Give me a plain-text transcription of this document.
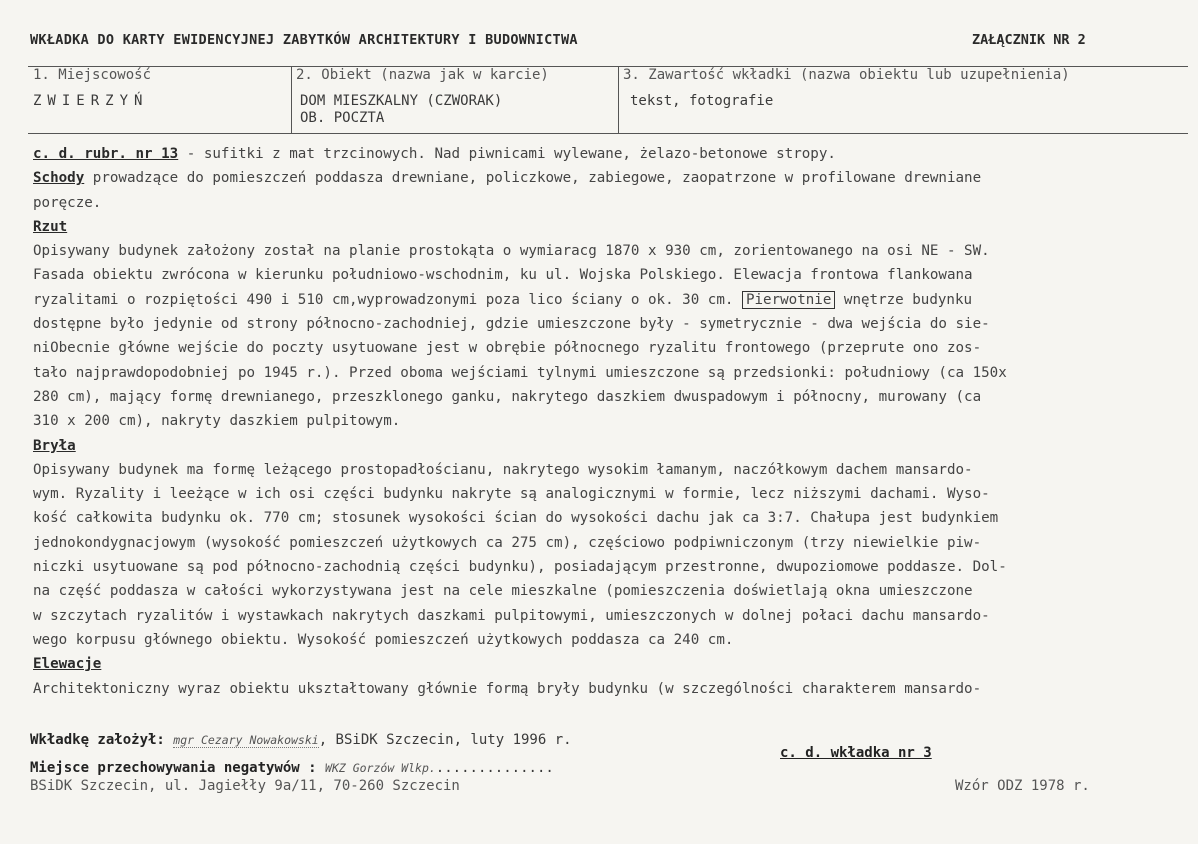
WKŁADKA DO KARTY EWIDENCYJNEJ ZABYTKÓW ARCHITEKTURY I BUDOWNICTWA	ZAŁĄCZNIK NR 2
1. Miejscowość
ZWIERZYŃ
2. Obiekt (nazwa jak w karcie)
DOM MIESZKALNY (CZWORAK)
OB. POCZTA
3. Zawartość wkładki (nazwa obiektu lub uzupełnienia)
tekst, fotografie
c. d. rubr. nr 13 - sufitki z mat trzcinowych. Nad piwnicami wylewane, żelazo-betonowe stropy.
Schody prowadzące do pomieszczeń poddasza drewniane, policzkowe, zabiegowe, zaopatrzone w profilowane drewniane
poręcze.
Rzut
Opisywany budynek założony został na planie prostokąta o wymiaracg 1870 x 930 cm, zorientowanego na osi NE - SW.
Fasada obiektu zwrócona w kierunku południowo-wschodnim, ku ul. Wojska Polskiego. Elewacja frontowa flankowana
ryzalitami o rozpiętości 490 i 510 cm,wyprowadzonymi poza lico ściany o ok. 30 cm. Pierwotnie wnętrze budynku
dostępne było jedynie od strony północno-zachodniej, gdzie umieszczone były - symetrycznie - dwa wejścia do sie-
niObecnie główne wejście do poczty usytuowane jest w obrębie północnego ryzalitu frontowego (przeprute ono zos-
tało najprawdopodobniej po 1945 r.). Przed oboma wejściami tylnymi umieszczone są przedsionki: południowy (ca 150x
280 cm), mający formę drewnianego, przeszklonego ganku, nakrytego daszkiem dwuspadowym i północny, murowany (ca
310 x 200 cm), nakryty daszkiem pulpitowym.
Bryła
Opisywany budynek ma formę leżącego prostopadłościanu, nakrytego wysokim łamanym, naczółkowym dachem mansardo-
wym. Ryzality i leeżące w ich osi części budynku nakryte są analogicznymi w formie, lecz niższymi dachami. Wyso-
kość całkowita budynku ok. 770 cm; stosunek wysokości ścian do wysokości dachu jak ca 3:7. Chałupa jest budynkiem
jednokondygnacjowym (wysokość pomieszczeń użytkowych ca 275 cm), częściowo podpiwniczonym (trzy niewielkie piw-
niczki usytuowane są pod północno-zachodnią części budynku), posiadającym przestronne, dwupoziomowe poddasze. Dol-
na część poddasza w całości wykorzystywana jest na cele mieszkalne (pomieszczenia doświetlają okna umieszczone
w szczytach ryzalitów i wystawkach nakrytych daszkami pulpitowymi, umieszczonych w dolnej połaci dachu mansardo-
wego korpusu głównego obiektu. Wysokość pomieszczeń użytkowych poddasza ca 240 cm.
Elewacje
Architektoniczny wyraz obiektu ukształtowany głównie formą bryły budynku (w szczególności charakterem mansardo-
Wkładkę założył: mgr Cezary Nowakowski, BSiDK Szczecin, luty 1996 r.
c. d. wkładka nr 3
Miejsce przechowywania negatywów : WKZ Gorzów Wlkp...............
BSiDK Szczecin, ul. Jagiełły 9a/11, 70-260 Szczecin	Wzór ODZ 1978 r.
